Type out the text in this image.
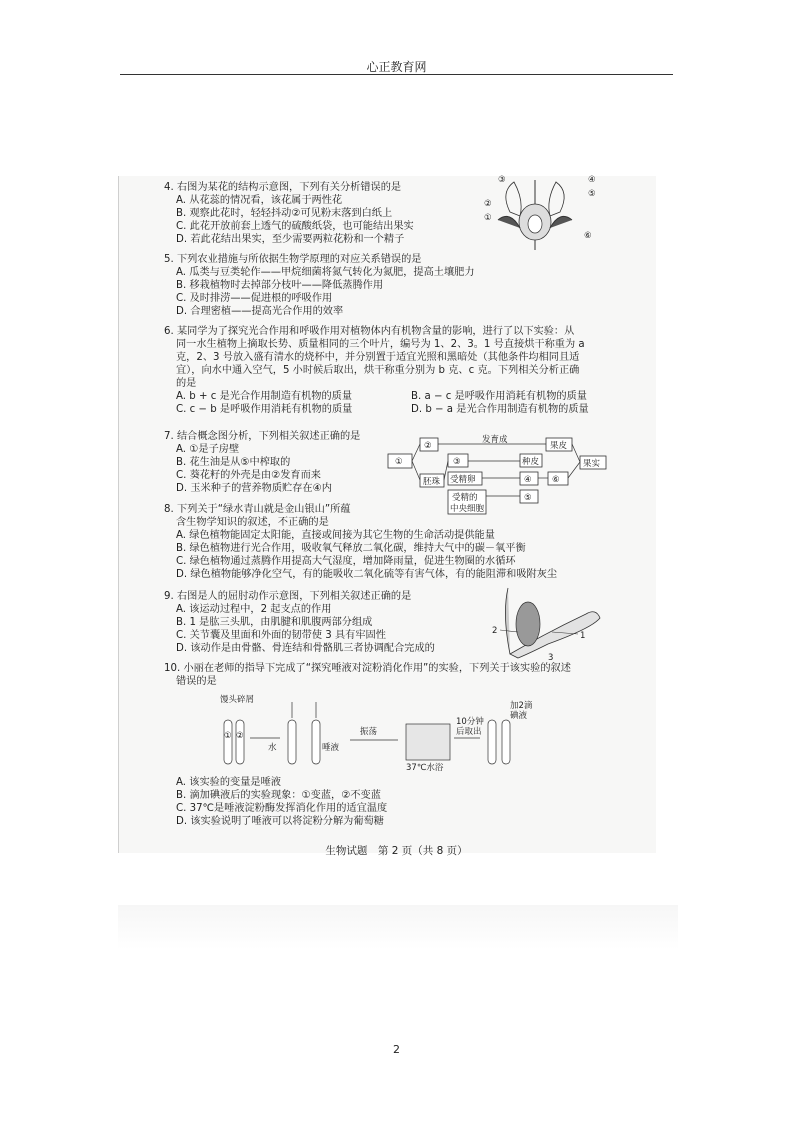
心正教育网
4. 右图为某花的结构示意图，下列有关分析错误的是
A. 从花蕊的情况看，该花属于两性花
B. 观察此花时，轻轻抖动②可见粉末落到白纸上
C. 此花开放前套上透气的硫酸纸袋，也可能结出果实
D. 若此花结出果实，至少需要两粒花粉和一个精子
③	④
⑤
②
①
⑥
5. 下列农业措施与所依据生物学原理的对应关系错误的是
A. 瓜类与豆类轮作——甲烷细菌将氮气转化为氮肥，提高土壤肥力
B. 移栽植物时去掉部分枝叶——降低蒸腾作用
C. 及时排涝——促进根的呼吸作用
D. 合理密植——提高光合作用的效率
6. 某同学为了探究光合作用和呼吸作用对植物体内有机物含量的影响，进行了以下实验：从
同一水生植物上摘取长势、质量相同的三个叶片，编号为 1、2、3。1 号直接烘干称重为 a
克，2、3 号放入盛有清水的烧杯中，并分别置于适宜光照和黑暗处（其他条件均相同且适
宜），向水中通入空气，5 小时候后取出，烘干称重分别为 b 克、c 克。下列相关分析正确
的是
A. b + c 是光合作用制造有机物的质量	B. a − c 是呼吸作用消耗有机物的质量
C. c − b 是呼吸作用消耗有机物的质量	D. b − a 是光合作用制造有机物的质量
7. 结合概念图分析，下列相关叙述正确的是
A. ①是子房壁
B. 花生油是从⑤中榨取的
C. 葵花籽的外壳是由②发育而来
D. 玉米种子的营养物质贮存在④内
①
②
胚珠
③
受精卵
受精的
中央细胞
果皮
种皮
④
⑤
⑥
果实
发育成
8. 下列关于“绿水青山就是金山银山”所蕴
含生物学知识的叙述，不正确的是
A. 绿色植物能固定太阳能，直接或间接为其它生物的生命活动提供能量
B. 绿色植物进行光合作用，吸收氧气释放二氧化碳，维持大气中的碳－氧平衡
C. 绿色植物通过蒸腾作用提高大气湿度，增加降雨量，促进生物圈的水循环
D. 绿色植物能够净化空气，有的能吸收二氧化硫等有害气体，有的能阻滞和吸附灰尘
9. 右图是人的屈肘动作示意图，下列相关叙述正确的是
A. 该运动过程中，2 起支点的作用
B. 1 是肱三头肌，由肌腱和肌腹两部分组成
C. 关节囊及里面和外面的韧带使 3 具有牢固性
D. 该动作是由骨骼、骨连结和骨骼肌三者协调配合完成的
1
2
3
10. 小丽在老师的指导下完成了“探究唾液对淀粉消化作用”的实验，下列关于该实验的叙述
错误的是
馒头碎屑
① ②
水	唾液
振荡
37℃水浴
10分钟
后取出
加2滴
碘液
A. 该实验的变量是唾液
B. 滴加碘液后的实验现象：①变蓝，②不变蓝
C. 37℃是唾液淀粉酶发挥消化作用的适宜温度
D. 该实验说明了唾液可以将淀粉分解为葡萄糖
生物试题　第 2 页（共 8 页）
2
